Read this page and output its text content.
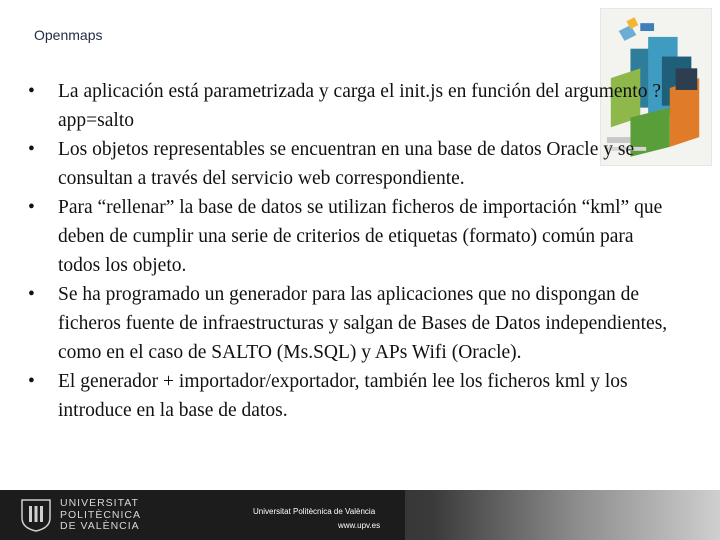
Openmaps
• La aplicación está parametrizada y carga el init.js en función del argumento ?app=salto
• Los objetos representables se encuentran en una base de datos Oracle y se consultan a través del servicio web correspondiente.
• Para “rellenar” la base de datos se utilizan ficheros de importación “kml” que deben de cumplir una serie de criterios de etiquetas (formato) común para todos los objeto.
• Se ha programado un generador para las aplicaciones que no dispongan de ficheros fuente de infraestructuras y salgan de Bases de Datos independientes, como en el caso de SALTO (Ms.SQL) y APs Wifi (Oracle).
• El generador + importador/exportador, también lee los ficheros kml y los introduce en la base de datos.
UNIVERSITAT
POLITÈCNICA
DE VALÈNCIA
Universitat Politècnica de València
www.upv.es
